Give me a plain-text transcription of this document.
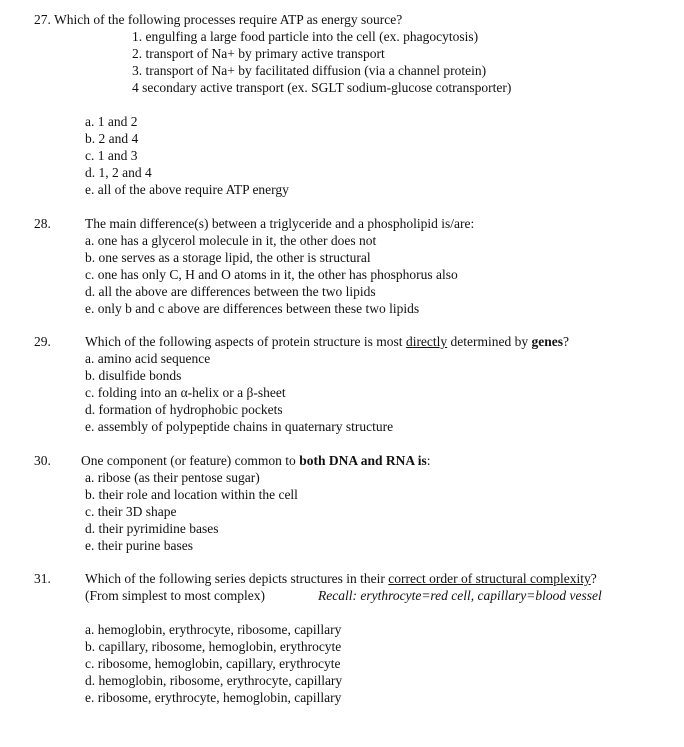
27. Which of the following processes require ATP as energy source?
1. engulfing a large food particle into the cell (ex. phagocytosis)
2. transport of Na+ by primary active transport
3. transport of Na+ by facilitated diffusion (via a channel protein)
4 secondary active transport (ex. SGLT sodium-glucose cotransporter)
a. 1 and 2
b. 2 and 4
c. 1 and 3
d. 1, 2 and 4
e. all of the above require ATP energy
28.	The main difference(s) between a triglyceride and a phospholipid is/are:
a. one has a glycerol molecule in it, the other does not
b. one serves as a storage lipid, the other is structural
c. one has only C, H and O atoms in it, the other has phosphorus also
d. all the above are differences between the two lipids
e. only b and c above are differences between these two lipids
29.	Which of the following aspects of protein structure is most directly determined by genes?
a. amino acid sequence
b. disulfide bonds
c. folding into an α-helix or a β-sheet
d. formation of hydrophobic pockets
e. assembly of polypeptide chains in quaternary structure
30. One component (or feature) common to both DNA and RNA is:
a. ribose (as their pentose sugar)
b. their role and location within the cell
c. their 3D shape
d. their pyrimidine bases
e. their purine bases
31.	Which of the following series depicts structures in their correct order of structural complexity?
(From simplest to most complex)	Recall: erythrocyte=red cell, capillary=blood vessel
a. hemoglobin, erythrocyte, ribosome, capillary
b. capillary, ribosome, hemoglobin, erythrocyte
c. ribosome, hemoglobin, capillary, erythrocyte
d. hemoglobin, ribosome, erythrocyte, capillary
e. ribosome, erythrocyte, hemoglobin, capillary
